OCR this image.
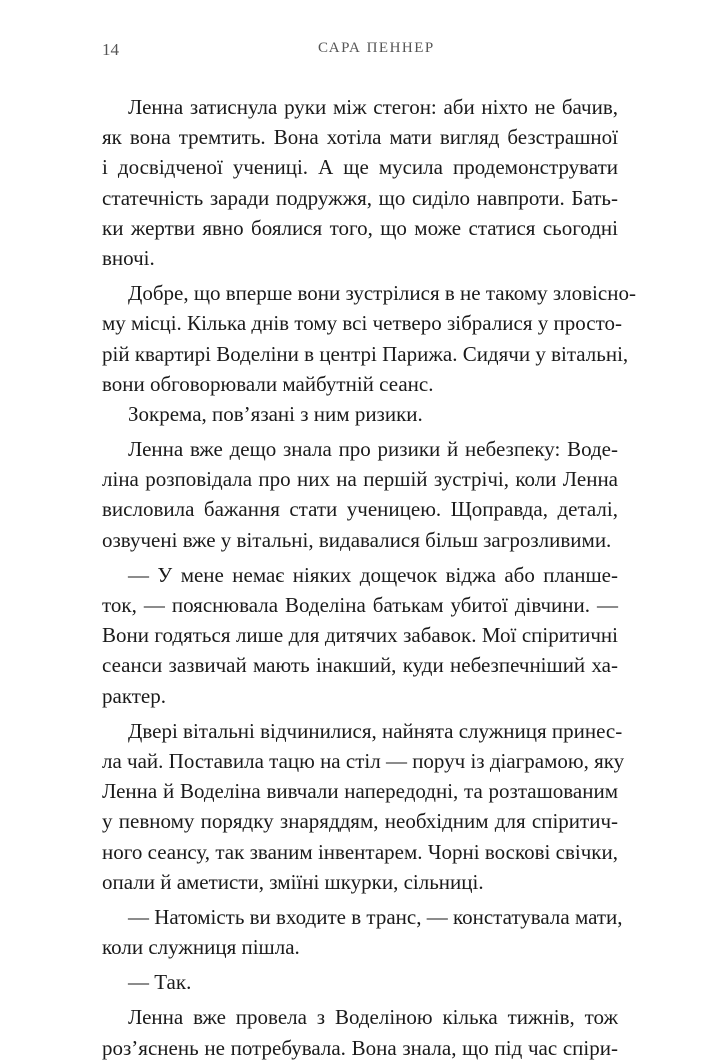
14	САРА ПЕННЕР
Ленна затиснула руки між стегон: аби ніхто не бачив,
як вона тремтить. Вона хотіла мати вигляд безстрашної
і досвідченої учениці. А ще мусила продемонструвати
статечність заради подружжя, що сиділо навпроти. Бать-
ки жертви явно боялися того, що може статися сьогодні
вночі.
Добре, що вперше вони зустрілися в не такому зловісно-
му місці. Кілька днів тому всі четверо зібралися у просто-
рій квартирі Воделіни в центрі Парижа. Сидячи у вітальні,
вони обговорювали майбутній сеанс.
Зокрема, пов’язані з ним ризики.
Ленна вже дещо знала про ризики й небезпеку: Воде-
ліна розповідала про них на першій зустрічі, коли Ленна
висловила бажання стати ученицею. Щоправда, деталі,
озвучені вже у вітальні, видавалися більш загрозливими.
— У мене немає ніяких дощечок віджа або планше-
ток, — пояснювала Воделіна батькам убитої дівчини. —
Вони годяться лише для дитячих забавок. Мої спіритичні
сеанси зазвичай мають інакший, куди небезпечніший ха-
рактер.
Двері вітальні відчинилися, найнята служниця принес-
ла чай. Поставила тацю на стіл — поруч із діаграмою, яку
Ленна й Воделіна вивчали напередодні, та розташованим
у певному порядку знаряддям, необхідним для спіритич-
ного сеансу, так званим інвентарем. Чорні воскові свічки,
опали й аметисти, зміїні шкурки, сільниці.
— Натомість ви входите в транс, — констатувала мати,
коли служниця пішла.
— Так.
Ленна вже провела з Воделіною кілька тижнів, тож
роз’яснень не потребувала. Вона знала, що під час спіри-
